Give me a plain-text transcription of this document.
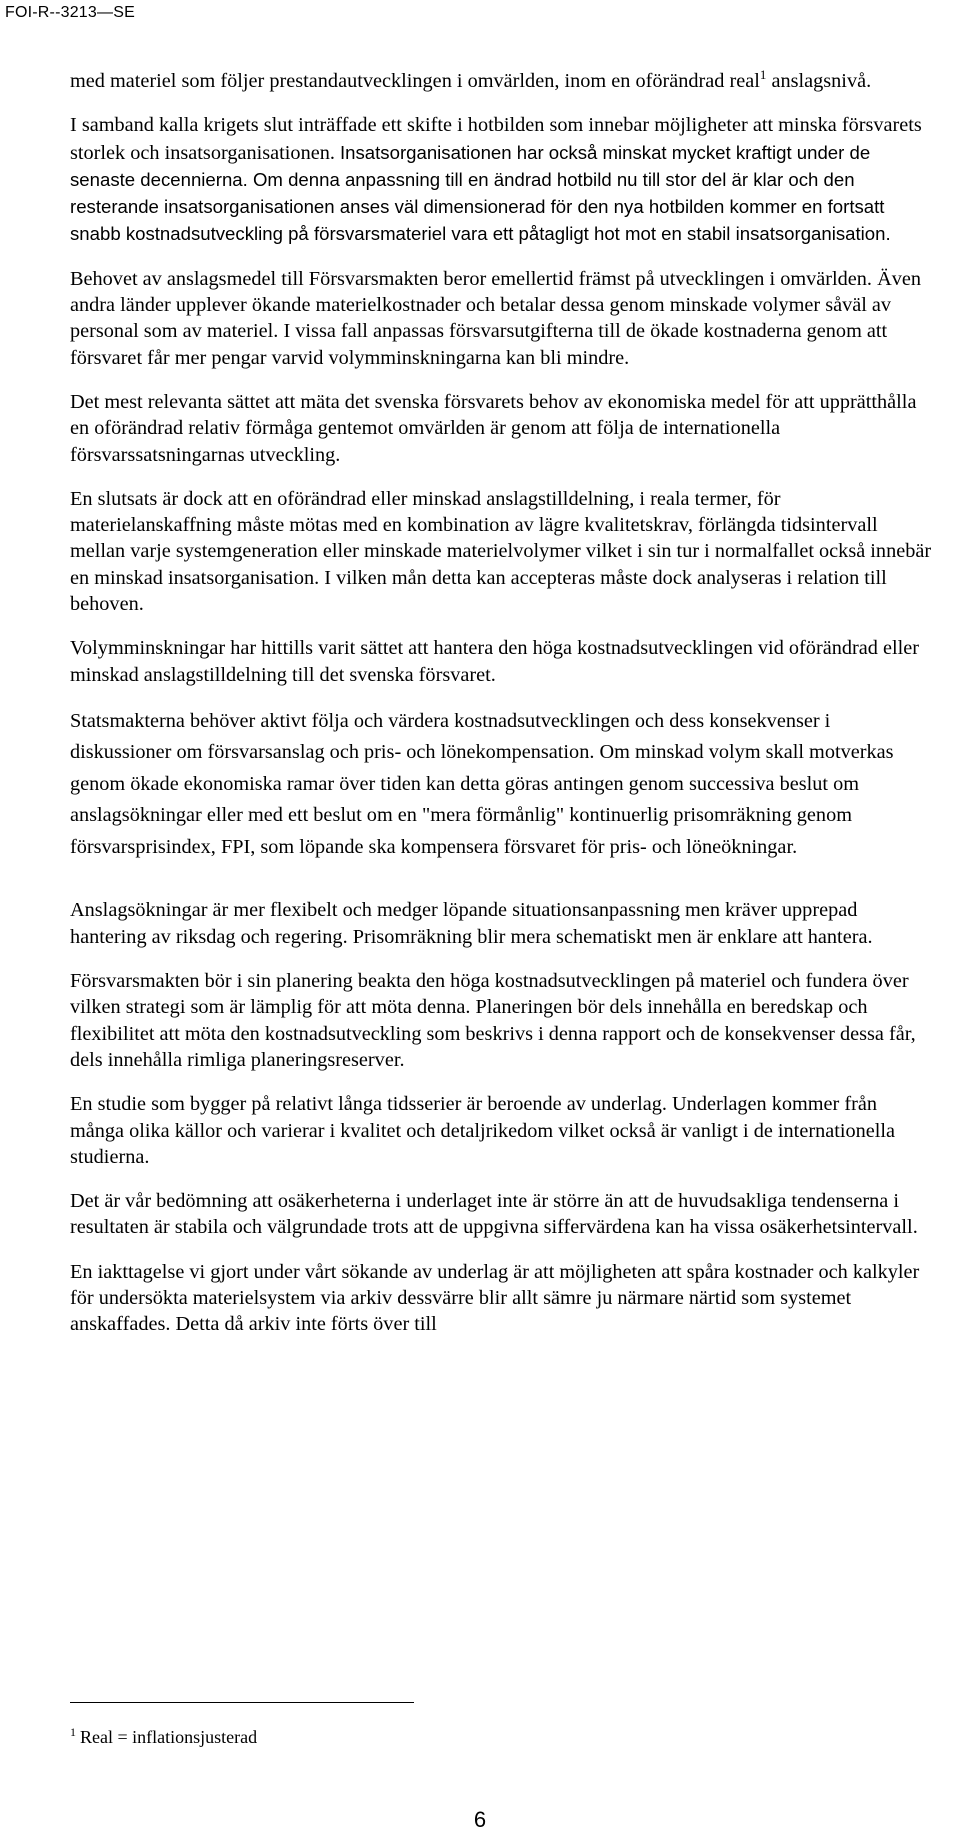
FOI-R--3213—SE

med materiel som följer prestandautvecklingen i omvärlden, inom en oförändrad real$^1$ anslagsnivå.

I samband kalla krigets slut inträffade ett skifte i hotbilden som innebar möjligheter att minska försvarets storlek och insatsorganisationen. Insatsorganisationen har också minskat mycket kraftigt under de senaste decennierna. Om denna anpassning till en ändrad hotbild nu till stor del är klar och den resterande insatsorganisationen anses väl dimensionerad för den nya hotbilden kommer en fortsatt snabb kostnadsutveckling på försvarsmateriel vara ett påtagligt hot mot en stabil insatsorganisation.

Behovet av anslagsmedel till Försvarsmakten beror emellertid främst på utvecklingen i omvärlden. Även andra länder upplever ökande materielkostnader och betalar dessa genom minskade volymer såväl av personal som av materiel. I vissa fall anpassas försvarsutgifterna till de ökade kostnaderna genom att försvaret får mer pengar varvid volymminskningarna kan bli mindre.

Det mest relevanta sättet att mäta det svenska försvarets behov av ekonomiska medel för att upprätthålla en oförändrad relativ förmåga gentemot omvärlden är genom att följa de internationella försvarssatsningarnas utveckling.

En slutsats är dock att en oförändrad eller minskad anslagstilldelning, i reala termer, för materielanskaffning måste mötas med en kombination av lägre kvalitetskrav, förlängda tidsintervall mellan varje systemgeneration eller minskade materielvolymer vilket i sin tur i normalfallet också innebär en minskad insatsorganisation. I vilken mån detta kan accepteras måste dock analyseras i relation till behoven.

Volymminskningar har hittills varit sättet att hantera den höga kostnadsutvecklingen vid oförändrad eller minskad anslagstilldelning till det svenska försvaret.

Statsmakterna behöver aktivt följa och värdera kostnadsutvecklingen och dess konsekvenser i diskussioner om försvarsanslag och pris- och lönekompensation. Om minskad volym skall motverkas genom ökade ekonomiska ramar över tiden kan detta göras antingen genom successiva beslut om anslagsökningar eller med ett beslut om en "mera förmånlig" kontinuerlig prisomräkning genom försvarsprisindex, FPI, som löpande ska kompensera försvaret för pris- och löneökningar.

Anslagsökningar är mer flexibelt och medger löpande situationsanpassning men kräver upprepad hantering av riksdag och regering. Prisomräkning blir mera schematiskt men är enklare att hantera.

Försvarsmakten bör i sin planering beakta den höga kostnadsutvecklingen på materiel och fundera över vilken strategi som är lämplig för att möta denna. Planeringen bör dels innehålla en beredskap och flexibilitet att möta den kostnadsutveckling som beskrivs i denna rapport och de konsekvenser dessa får, dels innehålla rimliga planeringsreserver.

En studie som bygger på relativt långa tidsserier är beroende av underlag. Underlagen kommer från många olika källor och varierar i kvalitet och detaljrikedom vilket också är vanligt i de internationella studierna.

Det är vår bedömning att osäkerheterna i underlaget inte är större än att de huvudsakliga tendenserna i resultaten är stabila och välgrundade trots att de uppgivna siffervärdena kan ha vissa osäkerhetsintervall.

En iakttagelse vi gjort under vårt sökande av underlag är att möjligheten att spåra kostnader och kalkyler för undersökta materielsystem via arkiv dessvärre blir allt sämre ju närmare närtid som systemet anskaffades. Detta då arkiv inte förts över till

$^1$ Real = inflationsjusterad
6
